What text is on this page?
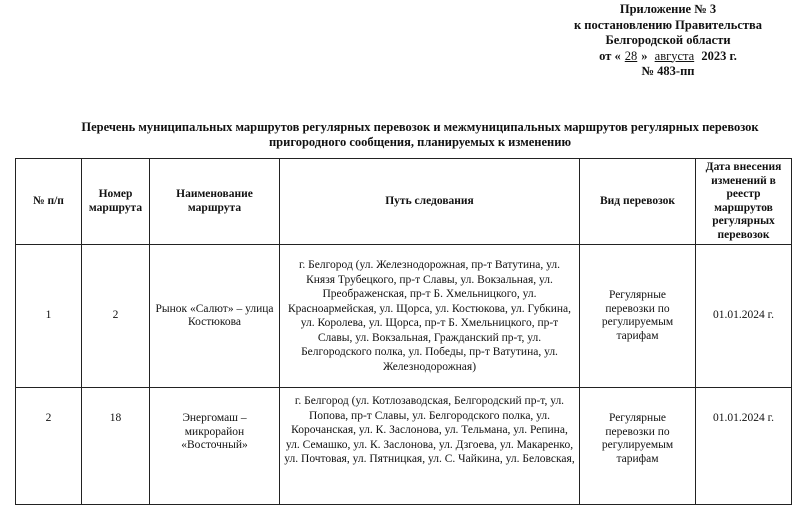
Приложение № 3
к постановлению Правительства
Белгородской области
от « 28 » августа 2023 г.
№ 483-пп
Перечень муниципальных маршрутов регулярных перевозок и межмуниципальных маршрутов регулярных перевозок
пригородного сообщения, планируемых к изменению
№ п/п	Номер маршрута	Наименование маршрута	Путь следования	Вид перевозок	Дата внесения изменений в реестр маршрутов регулярных перевозок
1	2	Рынок «Салют» – улица Костюкова	г. Белгород (ул. Железнодорожная, пр-т Ватутина, ул. Князя Трубецкого, пр-т Славы, ул. Вокзальная, ул. Преображенская, пр-т Б. Хмельницкого, ул. Красноармейская, ул. Щорса, ул. Костюкова, ул. Губкина, ул. Королева, ул. Щорса, пр-т Б. Хмельницкого, пр-т Славы, ул. Вокзальная, Гражданский пр-т, ул. Белгородского полка, ул. Победы, пр-т Ватутина, ул. Железнодорожная)	Регулярные перевозки по регулируемым тарифам	01.01.2024 г.
2	18	Энергомаш – микрорайон «Восточный»	г. Белгород (ул. Котлозаводская, Белгородский пр-т, ул. Попова, пр-т Славы, ул. Белгородского полка, ул. Корочанская, ул. К. Заслонова, ул. Тельмана, ул. Репина, ул. Семашко, ул. К. Заслонова, ул. Дзгоева, ул. Макаренко, ул. Почтовая, ул. Пятницкая, ул. С. Чайкина, ул. Беловская,	Регулярные перевозки по регулируемым тарифам	01.01.2024 г.
